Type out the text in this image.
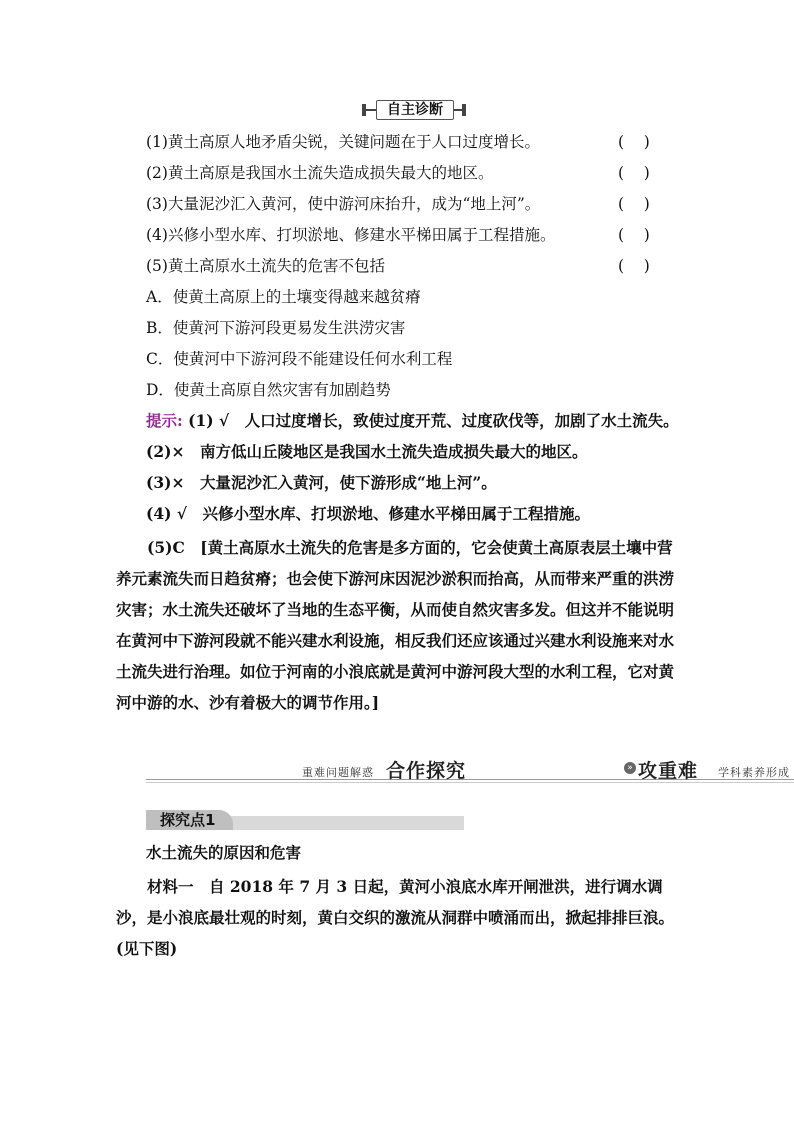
自主诊断
(1)黄土高原人地矛盾尖锐，关键问题在于人口过度增长。	(    )
(2)黄土高原是我国水土流失造成损失最大的地区。	(    )
(3)大量泥沙汇入黄河，使中游河床抬升，成为“地上河”。	(    )
(4)兴修小型水库、打坝淤地、修建水平梯田属于工程措施。	(    )
(5)黄土高原水土流失的危害不包括	(    )
A．使黄土高原上的土壤变得越来越贫瘠
B．使黄河下游河段更易发生洪涝灾害
C．使黄河中下游河段不能建设任何水利工程
D．使黄土高原自然灾害有加剧趋势
提示: (1) √　人口过度增长，致使过度开荒、过度砍伐等，加剧了水土流失。
(2)×　南方低山丘陵地区是我国水土流失造成损失最大的地区。
(3)×　大量泥沙汇入黄河，使下游形成“地上河”。
(4) √　兴修小型水库、打坝淤地、修建水平梯田属于工程措施。
(5)C　[黄土高原水土流失的危害是多方面的，它会使黄土高原表层土壤中营养元素流失而日趋贫瘠；也会使下游河床因泥沙淤积而抬高，从而带来严重的洪涝灾害；水土流失还破坏了当地的生态平衡，从而使自然灾害多发。但这并不能说明在黄河中下游河段就不能兴建水利设施，相反我们还应该通过兴建水利设施来对水土流失进行治理。如位于河南的小浪底就是黄河中游河段大型的水利工程，它对黄河中游的水、沙有着极大的调节作用。]
重难问题解惑 合作探究	» 攻重难 学科素养形成
探究点1
水土流失的原因和危害
材料一　自 2018 年 7 月 3 日起，黄河小浪底水库开闸泄洪，进行调水调沙，是小浪底最壮观的时刻，黄白交织的激流从洞群中喷涌而出，掀起排排巨浪。(见下图)
